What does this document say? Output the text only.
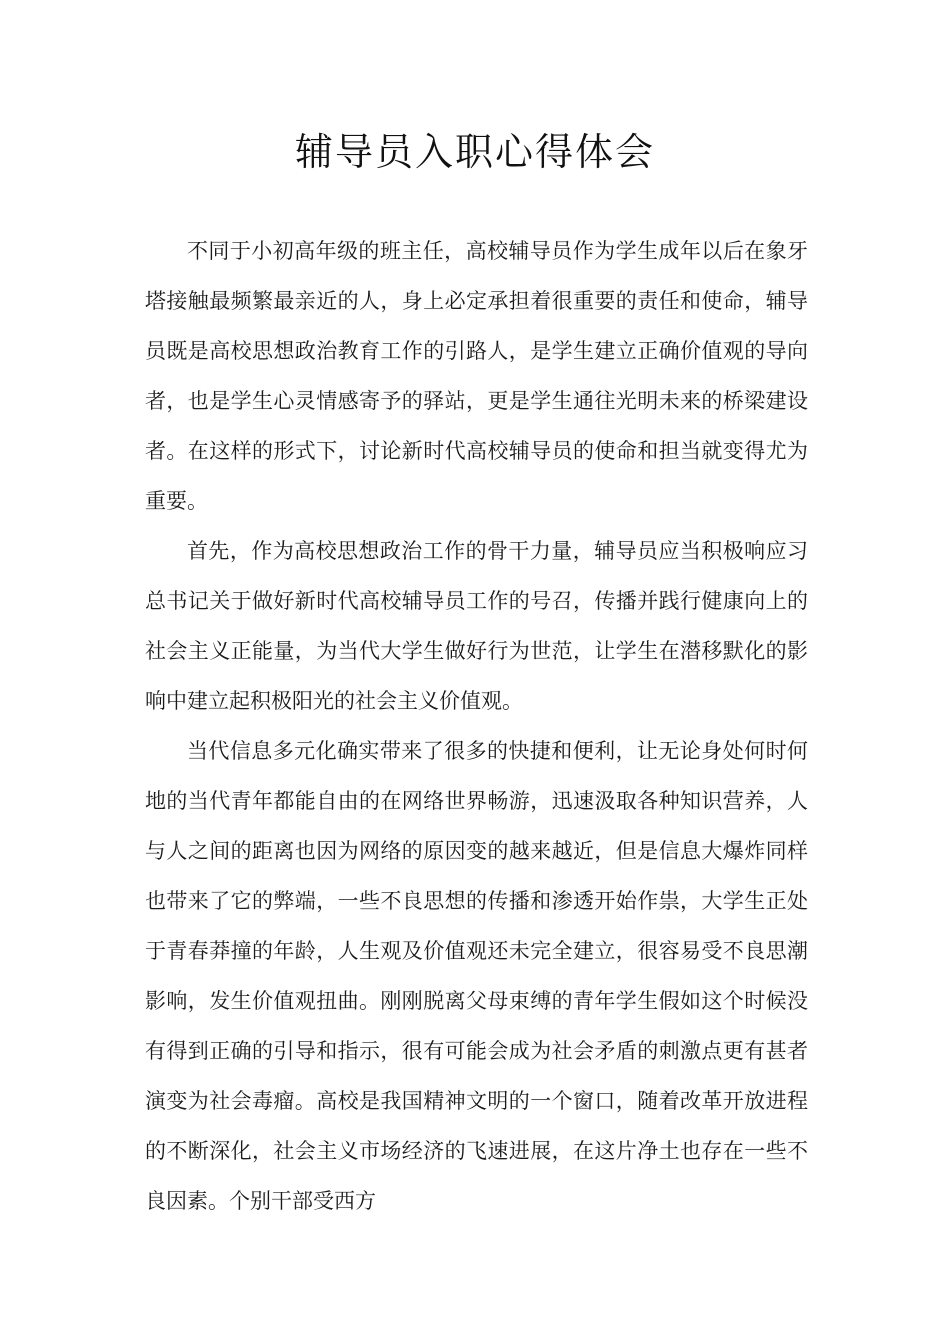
辅导员入职心得体会

不同于小初高年级的班主任，高校辅导员作为学生成年以后在象牙塔接触最频繁最亲近的人，身上必定承担着很重要的责任和使命，辅导员既是高校思想政治教育工作的引路人，是学生建立正确价值观的导向者，也是学生心灵情感寄予的驿站，更是学生通往光明未来的桥梁建设者。在这样的形式下，讨论新时代高校辅导员的使命和担当就变得尤为重要。

首先，作为高校思想政治工作的骨干力量，辅导员应当积极响应习总书记关于做好新时代高校辅导员工作的号召，传播并践行健康向上的社会主义正能量，为当代大学生做好行为世范，让学生在潜移默化的影响中建立起积极阳光的社会主义价值观。

当代信息多元化确实带来了很多的快捷和便利，让无论身处何时何地的当代青年都能自由的在网络世界畅游，迅速汲取各种知识营养，人与人之间的距离也因为网络的原因变的越来越近，但是信息大爆炸同样也带来了它的弊端，一些不良思想的传播和渗透开始作祟，大学生正处于青春莽撞的年龄，人生观及价值观还未完全建立，很容易受不良思潮影响，发生价值观扭曲。刚刚脱离父母束缚的青年学生假如这个时候没有得到正确的引导和指示，很有可能会成为社会矛盾的刺激点更有甚者演变为社会毒瘤。高校是我国精神文明的一个窗口，随着改革开放进程的不断深化，社会主义市场经济的飞速进展，在这片净土也存在一些不良因素。个别干部受西方
